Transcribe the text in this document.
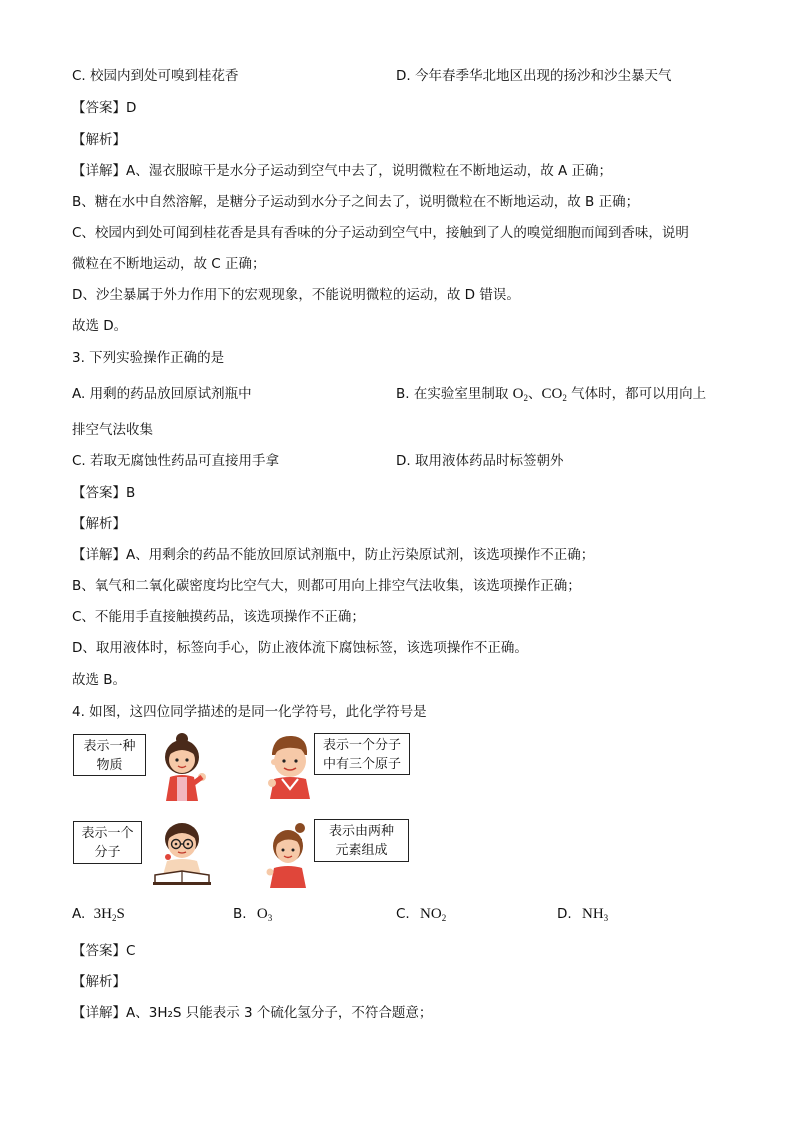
C. 校园内到处可嗅到桂花香	D. 今年春季华北地区出现的扬沙和沙尘暴天气
【答案】D
【解析】
【详解】A、湿衣服晾干是水分子运动到空气中去了，说明微粒在不断地运动，故 A 正确；
B、糖在水中自然溶解，是糖分子运动到水分子之间去了，说明微粒在不断地运动，故 B 正确；
C、校园内到处可闻到桂花香是具有香味的分子运动到空气中，接触到了人的嗅觉细胞而闻到香味，说明
微粒在不断地运动，故 C 正确；
D、沙尘暴属于外力作用下的宏观现象，不能说明微粒的运动，故 D 错误。
故选 D。
3. 下列实验操作正确的是
A. 用剩的药品放回原试剂瓶中	B. 在实验室里制取 $O_2$、$CO_2$ 气体时，都可以用向上
排空气法收集
C. 若取无腐蚀性药品可直接用手拿	D. 取用液体药品时标签朝外
【答案】B
【解析】
【详解】A、用剩余的药品不能放回原试剂瓶中，防止污染原试剂，该选项操作不正确；
B、氧气和二氧化碳密度均比空气大，则都可用向上排空气法收集，该选项操作正确；
C、不能用手直接触摸药品，该选项操作不正确；
D、取用液体时，标签向手心，防止液体流下腐蚀标签，该选项操作不正确。
故选 B。
4. 如图，这四位同学描述的是同一化学符号，此化学符号是
表示一种
物质
表示一个分子
中有三个原子
表示一个
分子
表示由两种
元素组成
A. $3H_2S$	B. $O_3$	C. $NO_2$	D. $NH_3$
【答案】C
【解析】
【详解】A、3H₂S 只能表示 3 个硫化氢分子，不符合题意；
